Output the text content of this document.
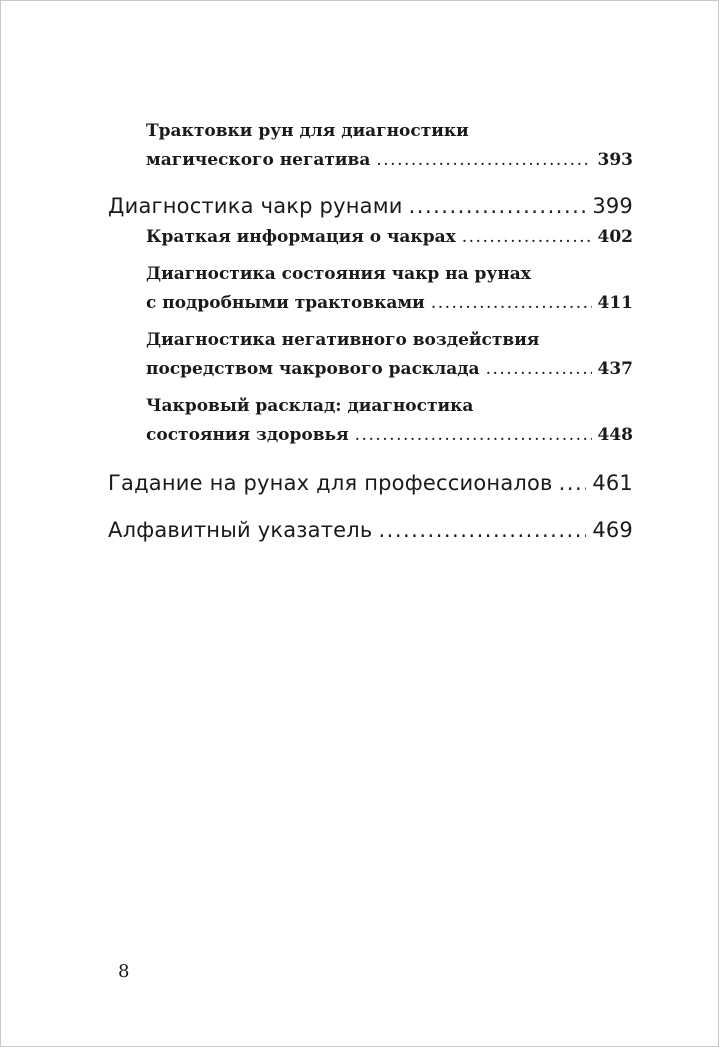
Трактовки рун для диагностики
магического негатива .....	393
Диагностика чакр рунами .....	399
Краткая информация о чакрах .....	402
Диагностика состояния чакр на рунах
с подробными трактовками .....	411
Диагностика негативного воздействия
посредством чакрового расклада .....	437
Чакровый расклад: диагностика
состояния здоровья .....	448
Гадание на рунах для профессионалов ..... 461
Алфавитный указатель .....	469
8
